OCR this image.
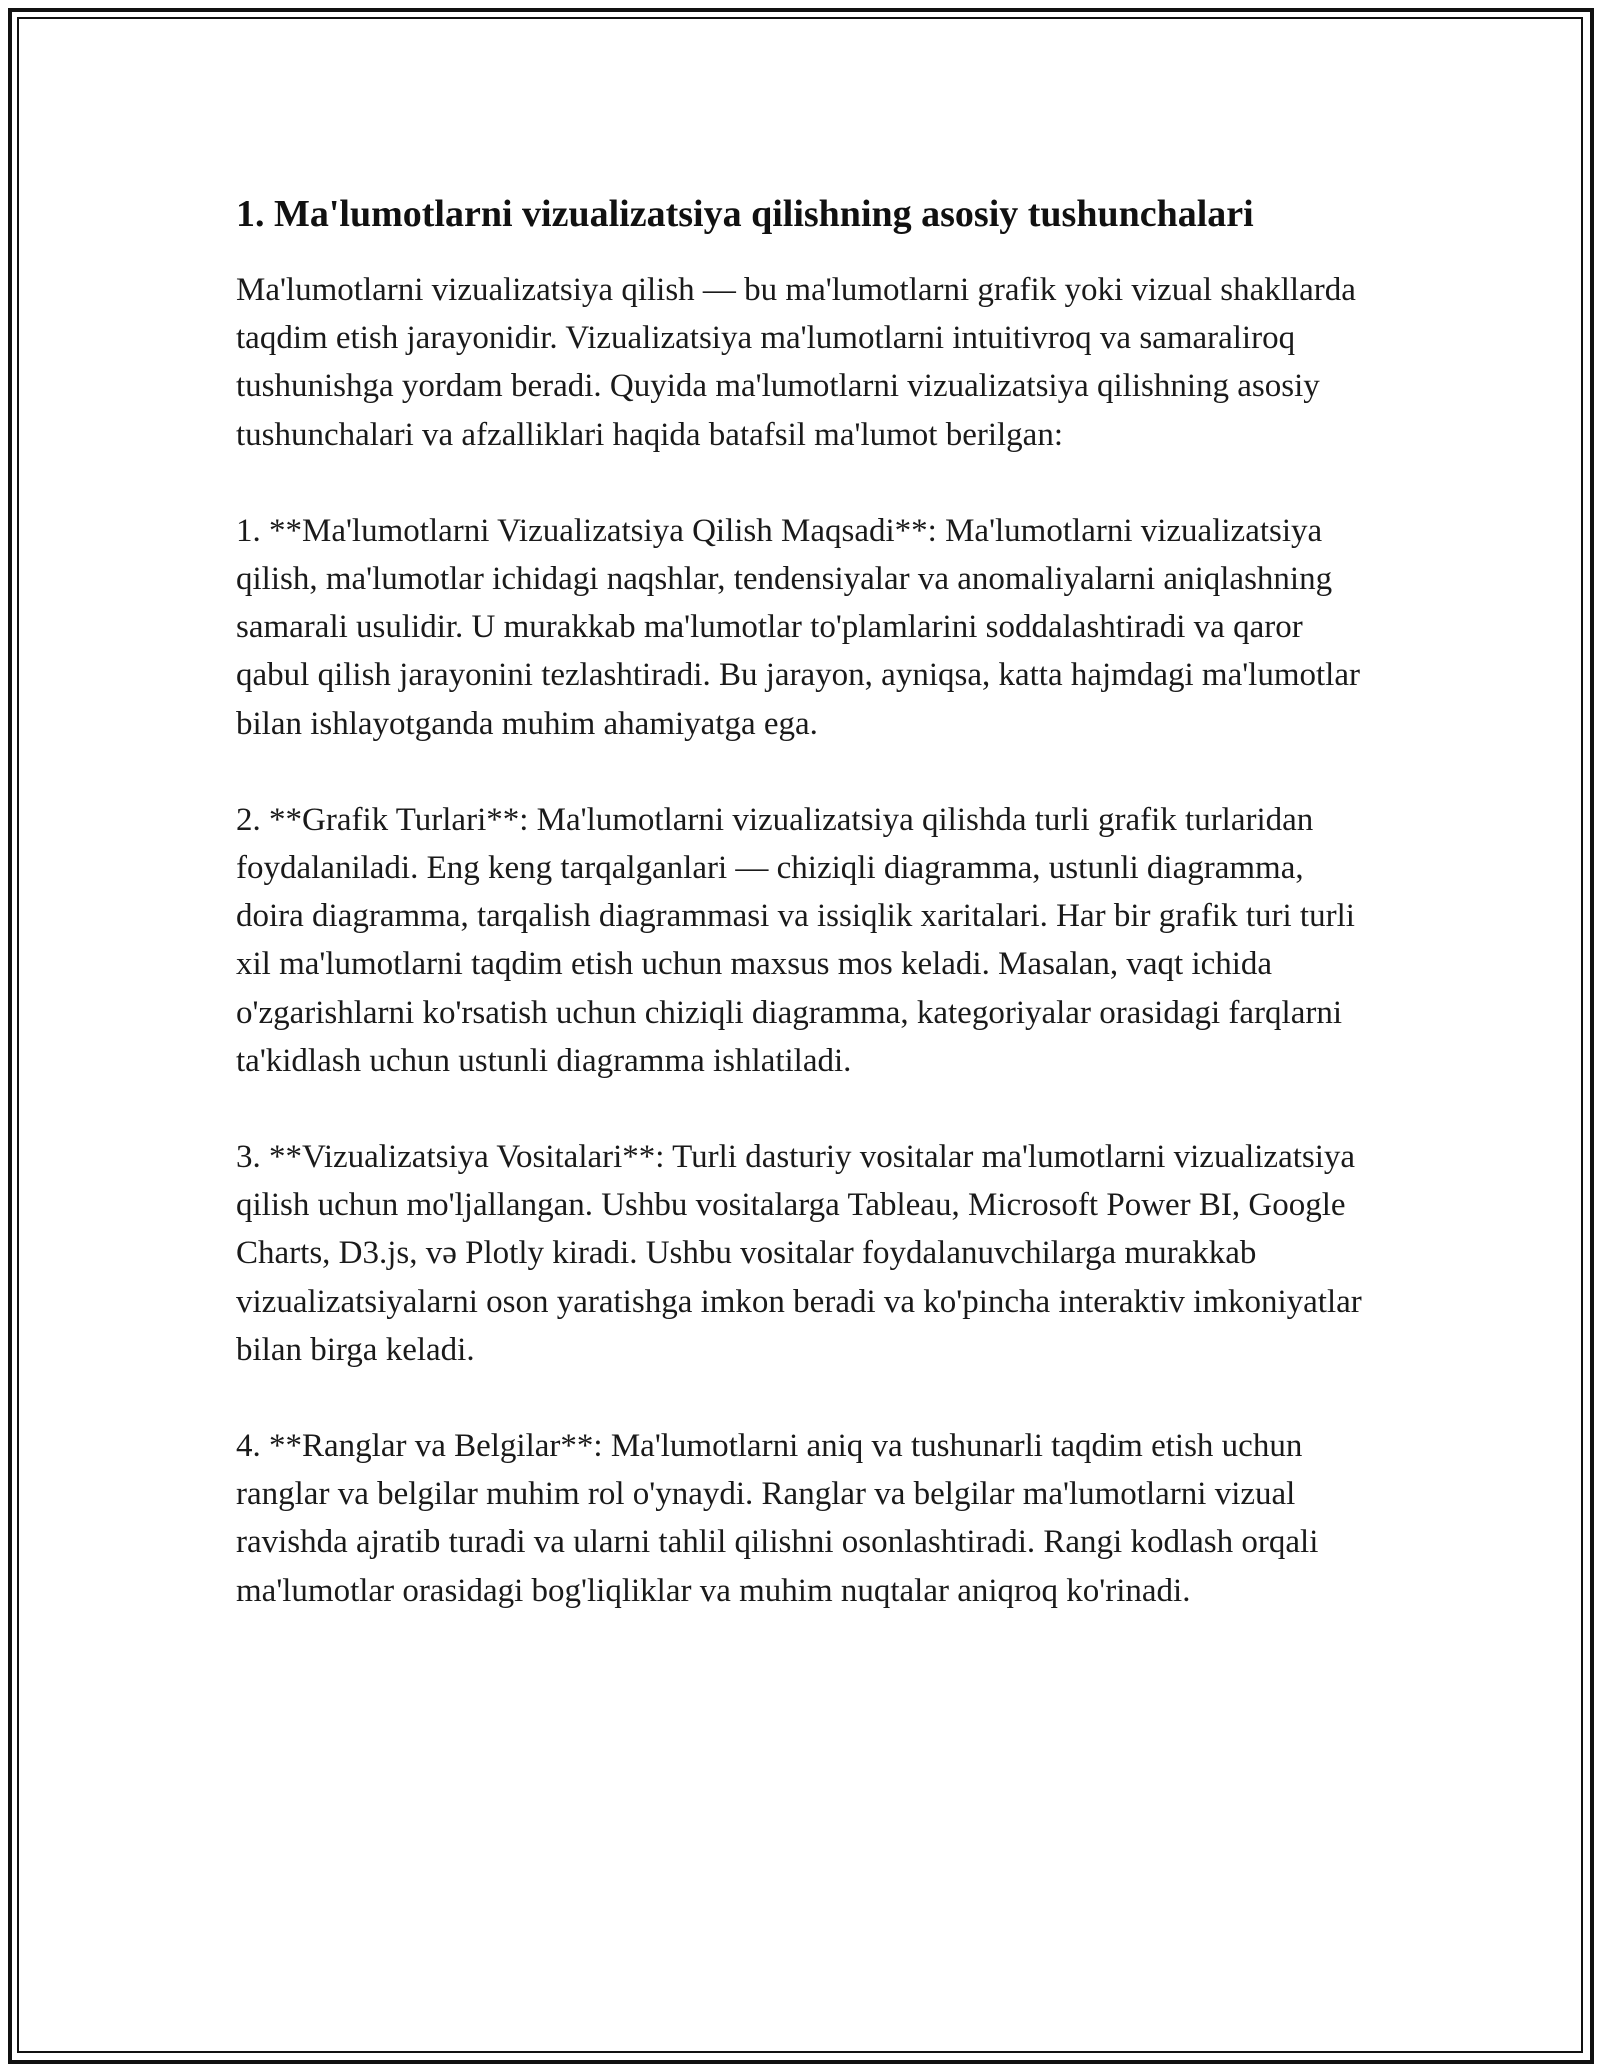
1. Ma'lumotlarni vizualizatsiya qilishning asosiy tushunchalari

Ma'lumotlarni vizualizatsiya qilish — bu ma'lumotlarni grafik yoki vizual shakllarda taqdim etish jarayonidir. Vizualizatsiya ma'lumotlarni intuitivroq va samaraliroq tushunishga yordam beradi. Quyida ma'lumotlarni vizualizatsiya qilishning asosiy tushunchalari va afzalliklari haqida batafsil ma'lumot berilgan:

1. **Ma'lumotlarni Vizualizatsiya Qilish Maqsadi**: Ma'lumotlarni vizualizatsiya qilish, ma'lumotlar ichidagi naqshlar, tendensiyalar va anomaliyalarni aniqlashning samarali usulidir. U murakkab ma'lumotlar to'plamlarini soddalashtiradi va qaror qabul qilish jarayonini tezlashtiradi. Bu jarayon, ayniqsa, katta hajmdagi ma'lumotlar bilan ishlayotganda muhim ahamiyatga ega.

2. **Grafik Turlari**: Ma'lumotlarni vizualizatsiya qilishda turli grafik turlaridan foydalaniladi. Eng keng tarqalganlari — chiziqli diagramma, ustunli diagramma, doira diagramma, tarqalish diagrammasi va issiqlik xaritalari. Har bir grafik turi turli xil ma'lumotlarni taqdim etish uchun maxsus mos keladi. Masalan, vaqt ichida o'zgarishlarni ko'rsatish uchun chiziqli diagramma, kategoriyalar orasidagi farqlarni ta'kidlash uchun ustunli diagramma ishlatiladi.

3. **Vizualizatsiya Vositalari**: Turli dasturiy vositalar ma'lumotlarni vizualizatsiya qilish uchun mo'ljallangan. Ushbu vositalarga Tableau, Microsoft Power BI, Google Charts, D3.js, və Plotly kiradi. Ushbu vositalar foydalanuvchilarga murakkab vizualizatsiyalarni oson yaratishga imkon beradi va ko'pincha interaktiv imkoniyatlar bilan birga keladi.

4. **Ranglar va Belgilar**: Ma'lumotlarni aniq va tushunarli taqdim etish uchun ranglar va belgilar muhim rol o'ynaydi. Ranglar va belgilar ma'lumotlarni vizual ravishda ajratib turadi va ularni tahlil qilishni osonlashtiradi. Rangi kodlash orqali ma'lumotlar orasidagi bog'liqliklar va muhim nuqtalar aniqroq ko'rinadi.
